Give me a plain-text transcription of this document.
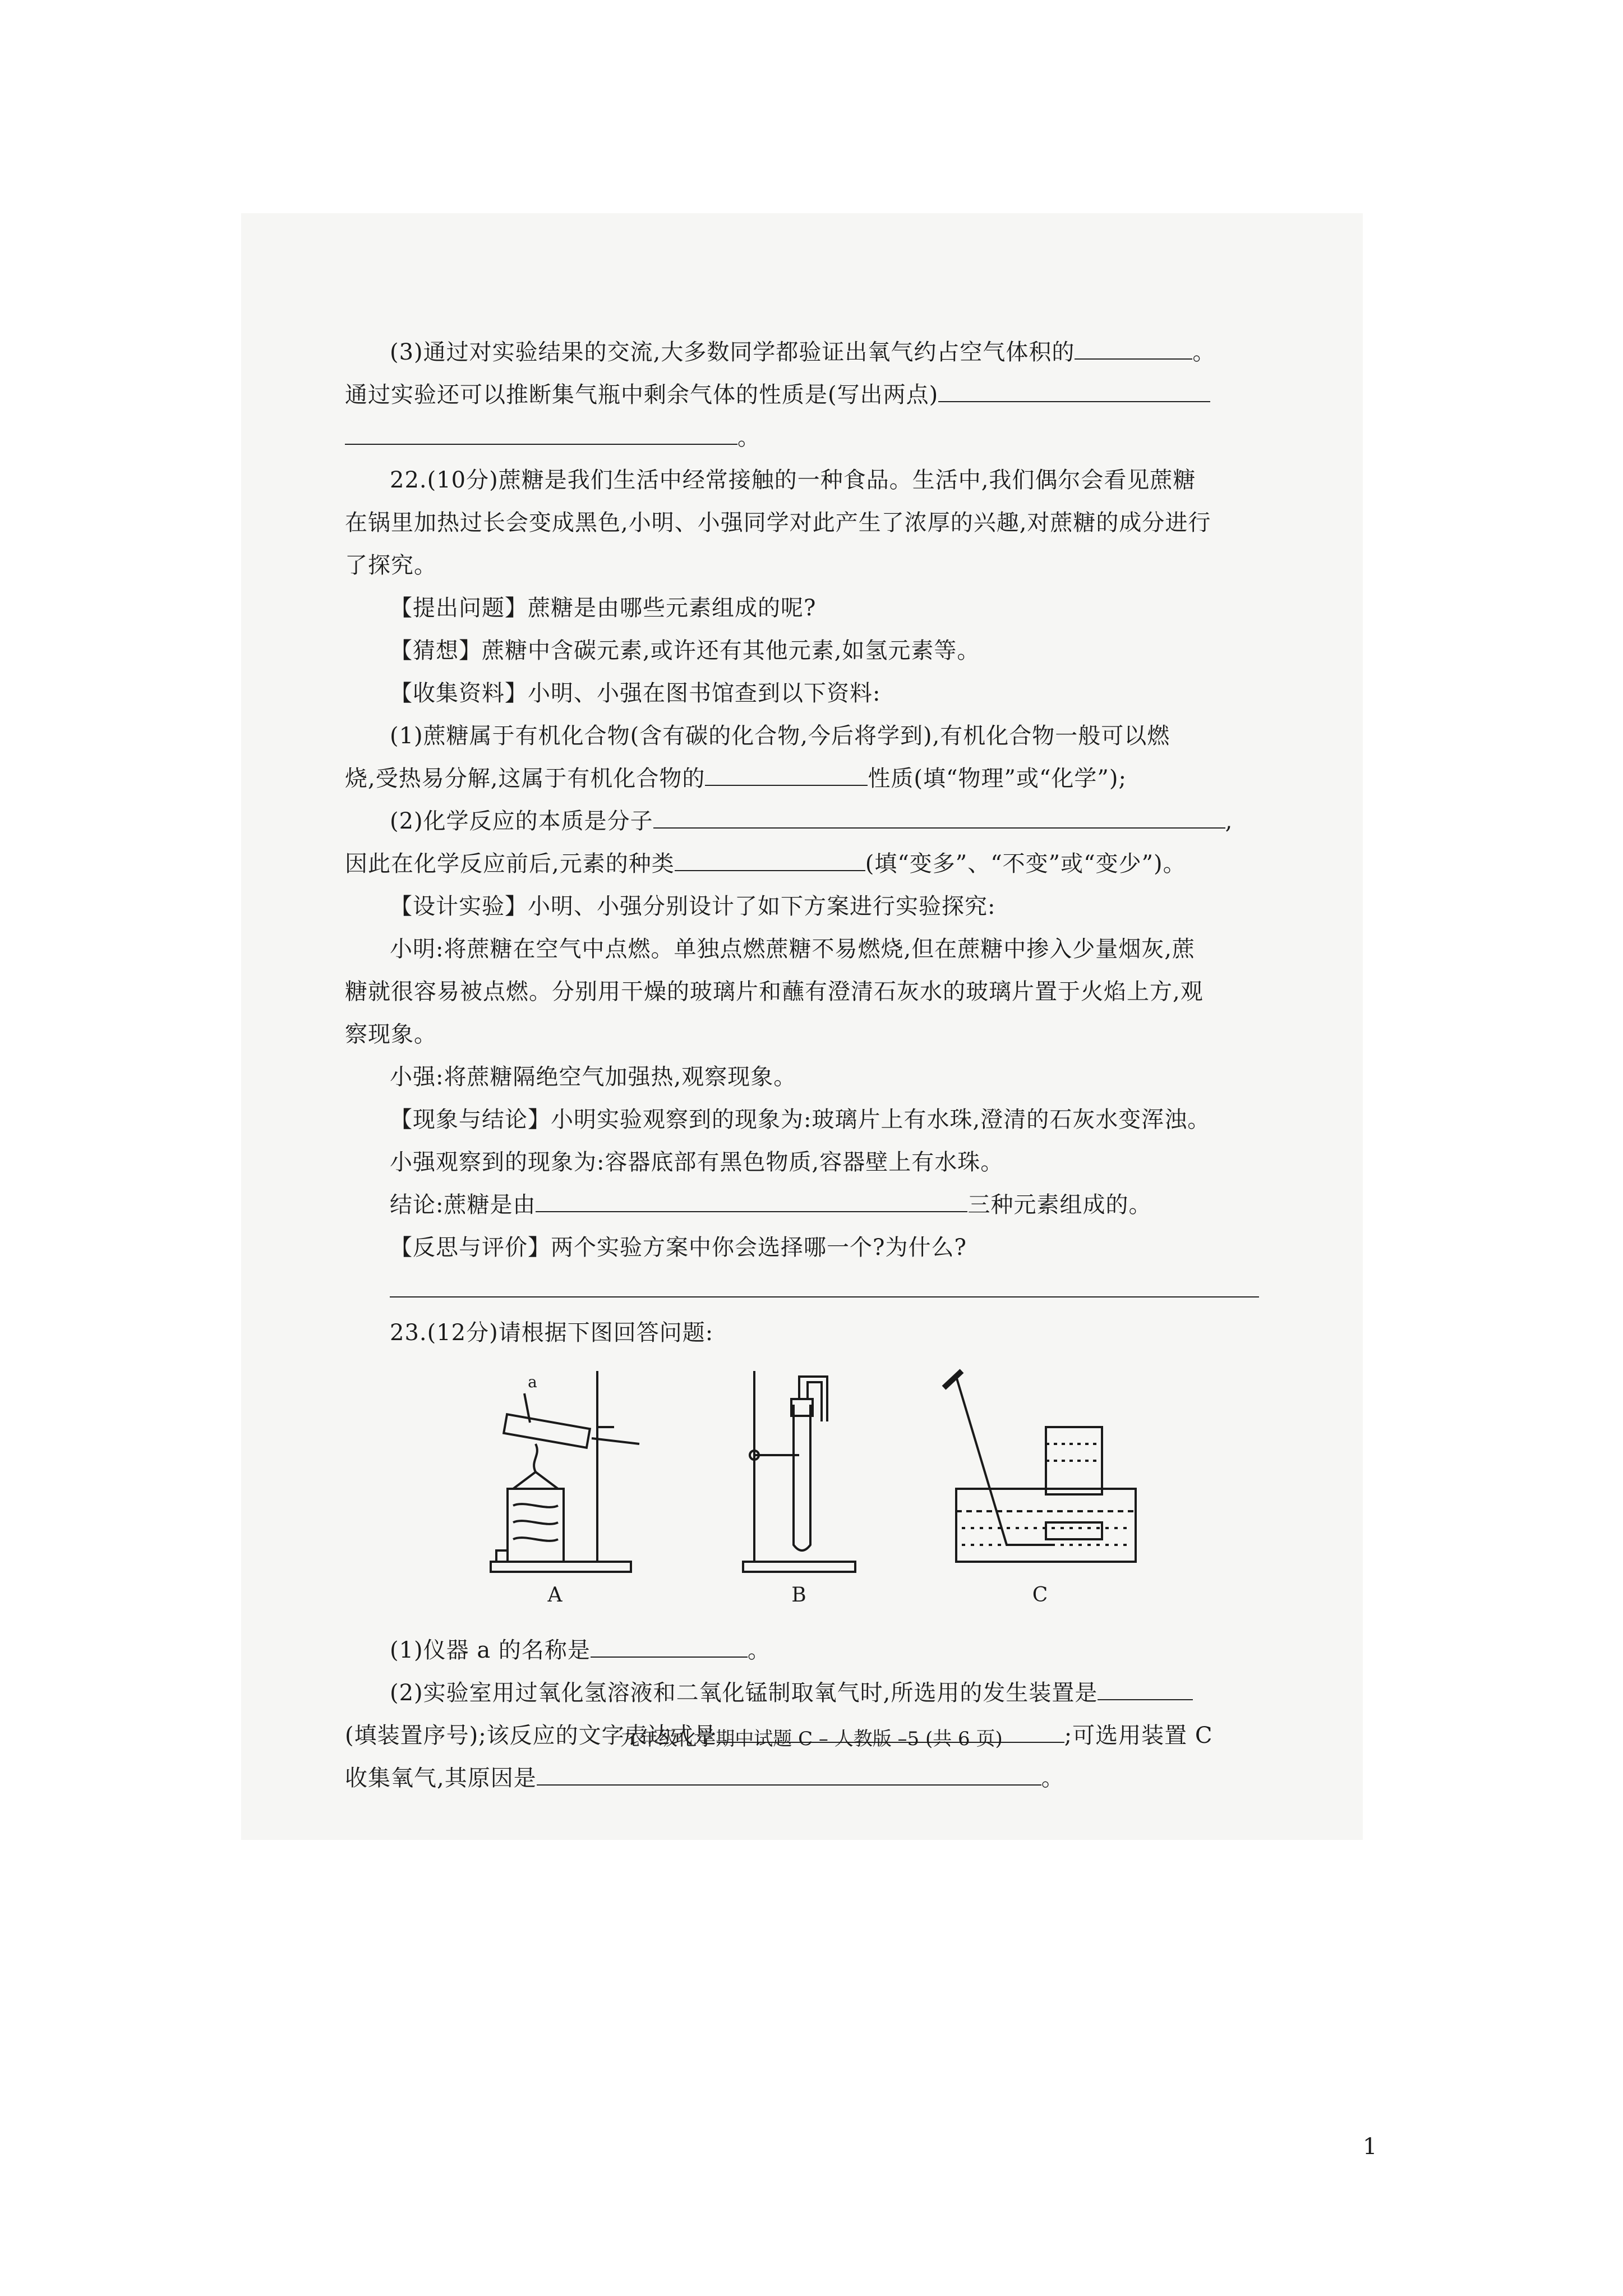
(3)通过对实验结果的交流,大多数同学都验证出氧气约占空气体积的	。
通过实验还可以推断集气瓶中剩余气体的性质是(写出两点)
。
22.(10分)蔗糖是我们生活中经常接触的一种食品。生活中,我们偶尔会看见蔗糖
在锅里加热过长会变成黑色,小明、小强同学对此产生了浓厚的兴趣,对蔗糖的成分进行
了探究。
【提出问题】蔗糖是由哪些元素组成的呢?
【猜想】蔗糖中含碳元素,或许还有其他元素,如氢元素等。
【收集资料】小明、小强在图书馆查到以下资料:
(1)蔗糖属于有机化合物(含有碳的化合物,今后将学到),有机化合物一般可以燃
烧,受热易分解,这属于有机化合物的	性质(填“物理”或“化学”);
(2)化学反应的本质是分子	,
因此在化学反应前后,元素的种类	(填“变多”、“不变”或“变少”)。
【设计实验】小明、小强分别设计了如下方案进行实验探究:
小明:将蔗糖在空气中点燃。单独点燃蔗糖不易燃烧,但在蔗糖中掺入少量烟灰,蔗
糖就很容易被点燃。分别用干燥的玻璃片和蘸有澄清石灰水的玻璃片置于火焰上方,观
察现象。
小强:将蔗糖隔绝空气加强热,观察现象。
【现象与结论】小明实验观察到的现象为:玻璃片上有水珠,澄清的石灰水变浑浊。
小强观察到的现象为:容器底部有黑色物质,容器壁上有水珠。
结论:蔗糖是由	三种元素组成的。
【反思与评价】两个实验方案中你会选择哪一个?为什么?
23.(12分)请根据下图回答问题:
A
a
B	C
(1)仪器 a 的名称是	。
(2)实验室用过氧化氢溶液和二氧化锰制取氧气时,所选用的发生装置是
(填装置序号);该反应的文字表达式是	;可选用装置 C
收集氧气,其原因是	。
九年级化学期中试题 C – 人教版 –5 (共 6 页)
1
